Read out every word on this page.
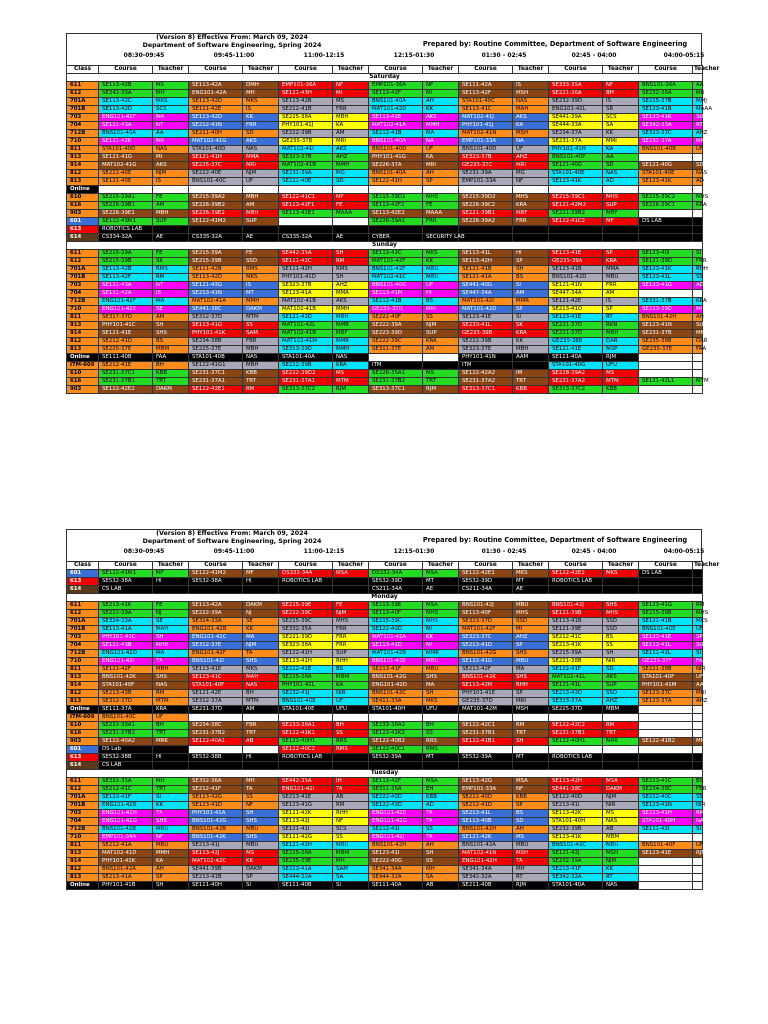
(Version 8) Effective From: March 09, 2024
Department of Software Engineering, Spring 2024	Prepared by: Routine Committee, Department of Software Engineering
08:30-09:45	09:45-11:00	11:00-12:15	12:15-01:30	01:30 - 02:45	02:45 - 04:00	04:00-05:15
Class	Course	Teacher	Course	Teacher	Course	Teacher	Course	Teacher	Course	Teacher	Course	Teacher	Course	Teacher	
Saturday															
611	SE113-42B	MS	SE113-42A	DMH	EMP101-36A	NF	EMP101-36A	NF	SE111-42A	IS	SE333-35A	NF	BNS101-36A	AA	
612	SE342-36A	MH	ENG101-42A	MH	SE121-43H	MI	SE113-42F	MI	SE113-42F	MSH	SE221-36A	BH	SE232-36A	MR	
701A	SE113-42C	MKS	SE113-42D	MKS	SE113-42B	MS	BNS101-40A	AH	STA101-40C	NAS	SE232-39D	IS	SE225-37B	MMJ	
701B	SE113-42D	SCS	SE111-42E	IS	SE212-41B	FRR	MAT101-42D	KK	SE113-41C	MAH	ENG101-42L	SR	SE123-41B	MAAA	
703	ENG101-42F	MA	SE113-42D	KK	SE225-38A	MBH	SE113-42E	AKS	MAT102-41J	AKS	SE441-39A	SCS	SE123-41K	SUP	
704	SE121-43A	NT	SE212-41N	FRR	PHY101-41J	KA	MAT102-41A	MMH	PHY101-41J	KA	SE444-33A	SA	SE342-33A	RT	
712B	BNS101-40A	AA	SE211-40H	SD	SE222-39B	AM	SE212-41B	MA	MAT102-41N	MSH	SE234-37A	KK	SE323-37C	AHZ	
710	SE121-42K	MR	MAT102-41G	AKS	GE235-37B	MRI	BNS101-40A	NA	EMP101-33A	NA	SE231-37A	MMI	SE231-37A	MMH	
811	STA101-40D	NAS	STA101-40D	NAS	MAT102-41I	AKS	BNS101-40D	UF	BNS101-40D	UF	PHY101-41H	KA	BNS101-40B	UF	
913	SE121-41G	MI	SE121-41H	MMA	SE323-37B	AHZ	PHY101-41G	KA	SE323-37B	AHZ	BNS101-40F	AA			
914	MAT102-41G	AKS	SE225-37C	MRI	MAT102-41B	MMH	SE226-37A	MRI	GE235-37C	MRI	SE121-40G	SD	SE121-40G	SD	
812	SE222-40E	NJM	SE222-40E	NJM	SE231-39A	MG	BNS101-40A	AH	SE231-39A	MG	STA101-40E	NAS	STA101-40E	NAS	
813	SE121-40E	IS	BNS101-40C	UF	SE211-40E	SD	SE122-41H	SP	EMP101-33A	NF	SE123-41K	AD	SE123-41K	AD	
Online															
610	SE215-39A1	FE	SE215-39A2	MBH	SE122-41C1	MF	SE215-39D1	MHS	SE215-39D2	MHS	SE215-39C1	MHS	SE215-39C2	MHS	
616	SE226-39B1	AM	SE226-39B2	AM	SE113-42F1	FE	SE113-42F2	FE	SE226-39C2	KRA	SE121-42M2	SUP	SE226-39C1	KRA	
903	SE226-39E1	MBH	SE226-39E2	MBH	SE113-42E1	MAAA	SE113-42E2	MAAA	SE221-39B1	MBF	SE221-39B2	MBF			
601	SE122-43M1	SUP	SE122-41M2	SUP			SE226-39A1	FRR	SE226-39A2	FRR	SE122-41C2	MF	DS LAB		
613	ROBOTICS LAB														
614	CS334-32A	AE	CS335-32A	AE	CS335-32A	AE	CYBER	SECURITY LAB							
Sunday															
611	SE215-39A	FE	SE215-39A	FE	SE442-35A	SH	SE113-42C	MKS	SE113-41L	HI	SE123-41E	SP	SE123-40I	SI	
612	SE215-39B	SK	SE215-39B	SSD	SE111-42C	RM	MAT101-42F	KK	SE113-42H	SP	GE235-39A	KRA	SE121-39D	FRR	
701A	SE113-42B	RMS	SE111-42B	RMS	SE111-42H	RMS	BNS101-42F	MBU	SE121-41B	SH	SE123-41B	MMA	SE123-41K	RHH	
701B	SE113-42F	RM	SE113-42D	MKS	PHY101-41D	SH	MAT102-41C	MBU	SE121-41A	BS	BNS101-42D	MBU	SE123-41L	SS	
703	SE121-43A	NT	SE121-43G	IS	SE323-37B	AHZ	BNS101-40G	UF	SE441-40G	SI	SE121-41N	FRR	SE123-41G	AD	
704	SE111-42A	IS	SE213-41N	MT	SE123-41A	MMA	SE213-41M	HI	SE447-34A	AM	SE447-34A	AM			
712B	ENG101-42F	MA	MAT102-41A	MMH	MAT102-41B	AKS	SE212-41B	BS	MAT101-42I	MMR	SE121-42E	IS	SE331-37B	KRA	
710	ENG101-42E	SE	SE441-38C	DAKM	MAT102-41B	MMH	GE235-37D	MRI	MAT101-42D	SP	SE213-41O	SP	SE213-39D	MI	
811	SE317-37D	AM	SE312-37D	MTM	SE121-41D	MBH	SE222-40F	SS	SE123-41E	SI	SE123-41E	RT	BNS101-42H	AH	
913	PHY101-41C	SH	SE113-41G	SS	MAT101-42L	MMR	SE222-39A	NJM	SE233-41L	SK	SE231-37D	RKN	SE123-41N	SUP	
914	SE121-41E	SHS	PHY101-41K	SAM	MAT102-41B	MBF	SE223-39D	SUP	GE235-39B	KRA	SE221-37D	MBH	SE231-37B	MMR	
812	SE212-41D	BS	SE234-38B	FBR	MAT102-41M	MMR	SE222-39C	KRA	SE222-39B	KK	GE235-38B	DAR	SE235-38B	DAR	
813	SE225-37E	MBM	SE225-37E	MBH	SE313-39D	MMH	SE311-37E	AM	SE323-37E	MBH	SE121-41E	MSP	GE235-37E	FAA	
Online	SE111-40B	FAA	STA101-40B	NAS	STA101-40A	NAS			PHY101-41N	AAM	SE111-40A	RJM			
ITM-609	SE212-41E	BH	SE122-41G1	MBH	SE222-39B	KRA	ITM		ITM		STA101-40G	UFU			
610	SE231-37C1	KBB	SE231-37C1	KBB	SE222-39D2	MS	SE226-36A1	MS	SE122-42A2	IM	SE228-39A2	MS			
616	SE231-37B1	TRT	SE231-37A1	TRT	SE231-37A1	MTM	SE231-37B2	TRT	SE231-37A2	TRT	SE231-37A2	MTM	SE121-42L1	MTM	
903	SE122-42E2	DAKM	SE122-42E1	RM	SE313-37C2	RJM	SE313-37C1	RJM	SE313-37C1	KBB	SE313-37C2	KBB			
(Version 8) Effective From: March 09, 2024
Department of Software Engineering, Spring 2024	Prepared by: Routine Committee, Department of Software Engineering
08:30-09:45	09:45-11:00	11:00-12:15	12:15-01:30	01:30 - 02:45	02:45 - 04:00	04:00-05:15
Class	Course	Teacher	Course	Teacher	Course	Teacher	Course	Teacher	Course	Teacher	Course	Teacher	Course	Teacher	
601	SE122-41M1	MF	SE122-41M2	MF	DS332-34A	MSA	DS332-34A	MSA	SE122-42E1	MKS	SE122-42E2	MKS	DS LAB		
613	SE532-38A	HI	SE532-38A	HI	ROBOTICS LAB		SE532-39D	MT	SE532-39D	MT	ROBOTICS LAB				
614	CS LAB						CS211-34A	AE	CS211-34A	AE					
Monday															
611	SE213-41K	FE	SE113-42A	DAKM	SE215-39E	FE	SE213-39E	MSA	BNS101-42J	MBU	BNS101-42J	SHS	SE123-41G	RM	
612	SE222-39A	NJ	SE222-39A	NJ	SE222-39C	NJM	SE113-40F	MHS	SE113-40F	MHS	SE121-39B	MHS	SE215-39B	MHS	
701A	SE324-33A	SE	SE324-33A	SE	SE215-39C	MHS	SE215-39C	MHS	SE323-37D	SSD	SE113-41B	SSD	SE121-41B	MKS	
701B	SE113-41A	MAH	ENG101-42B	KK	SE332-35A	FRR	SE122-40D	MI	MAT101-42F	MI	SE121-39E	SSD	BNS101-40E	UF	
703	PHY101-41C	SH	ENG101-42C	MA	SE221-39D	FRR	MAT101-42A	KK	SE323-37C	AHZ	SE212-41C	BS	SE123-41E	SP	
704	SE121-43B	MHB	SE312-37E	NJM	SE323-38A	FRR	SE113-41D	MI	SE213-41D	SP	SE213-41K	SS	SE113-41L	SUP	
712B	ENG101-42D	MA	ENG101-42F	TA	SE122-41H	SUP	MAT101-42B	MMR	BNS101-42G	SHS	SE215-39A	SH	SE111-42L	SI	
710	ENG101-42I	TA	BNS101-42I	SHS	SE123-41H	RHH	BNS101-42E	MBU	SE122-41G	MBU	SE221-38B	NIR	GE235-37F	FAA	
811	SE121-42F	MBH	SE113-41E	MKS	SE212-41E	BS	SE213-41F	MBU	SE213-42F	MA	SE122-41F	SD	SE221-38B	NIR	
913	BNS101-42K	SHS	SE123-41C	MAH	SE225-38A	MBM	BNS101-42G	SHS	BNS101-42K	SHS	MAT102-41L	AKS	STA101-40F	UFU	
914	STA101-40F	NAS	STA101-40F	NAS	PHY101-41L	KA	ENG101-42D	MA	SE113-42M	RHH	SE121-41L	SUP	PHY101-41M	AAM	
812	SE213-43B	RM	SE121-42E	BH	SE232-41J	NIR	BNS101-42C	SH	PHY101-41E	SP	SE213-42D	SSD	SE123-37C	MRI	
813	SE312-37D	MTM	SE312-37A	MTM	BNS101-40E	UF	SE411-33A	MKS	GE235-37D	MRI	SE323-37A	AHZ	SE123-37A	AHZ	
Online	SE111-37A	KRA	SE231-37D	AM	STA101-40E	UFU	STA101-40H	UFU	MAT101-42M	MSH	SE225-37D	MBM			
ITM-609	BNS101-40C	UF													
610	SE232-38A1	BH	SE234-38C	FBR	SE233-38A1	BH	SE233-38A2	BH	SE122-42C1	RM	SE122-42C2	RM			
616	SE231-37B2	TRT	SE231-37B2	TRT	SE122-41K1	SS	SE122-41K2	SS	SE231-37B1	TRT	SE231-37B1	TRT			
903	SE122-40A2	MRK	SE122-40A1	AB	SE122-40H1	RRS	SE122-40B2	RRS	SE122-41B1	SH	SE122-40H1	MRK	SE122-41B2	MMA	
601	DS Lab				SE122-40C2	RMS	SE122-40C1	RMS							
613	SE532-38B	HI	SE532-38B	HI	ROBOTICS LAB		SE532-39A	MT	SE532-39A	MT	ROBOTICS LAB				
614	CS LAB														
Tuesday															
611	SE332-35A	MH	SE332-36A	MH	SE442-35A	IH	SE113-42F	MSA	SE113-42G	MSA	SE113-42H	MSA	SE213-41C	BS	
612	SE212-41C	TRT	SE212-41F	TA	ENG101-42I	TA	SE311-36A	EH	EMP101-33A	NF	SE441-38C	DAKM	SE234-38C	FBR	
701A	SE123-41F	SI	SE113-42G	SS	SE213-41E	AB	SE222-40D	KBB	SE222-40D	KBB	SE122-40D	NJM	SE222-40C	SS	
701B	ENG101-42B	KK	SE123-41D	NF	SE123-41G	RM	SE122-43D	AD	SE212-41D	SP	SE213-41I	NIR	SE123-41N	NIR	
703	ENG101-42H	TA	PHY101-41A	SH	SE111-42K	RHH	ENG101-42E	TA	SE213-41L	BS	SE113-42K	MS	SE213-41H	RM	
704	ENG101-42G	SHS	BNS101-42G	SHS	SE113-42J	NF	ENG101-42G	TA	SE113-40B	SD	STA101-40H	NAS	STA101-40H	NAS	
712B	BNS101-42B	MBU	BNS101-42B	MBU	SE121-41I	SCS	SE212-41I	SS	BNS101-42H	AH	SE232-39B	AB	SE111-42I	SI	
710	EMP101-34A	NF	BNS101-42K	SHS	SE111-42G	SS	ENG101-42J	TA	SE121-42K	MS	SE123-41K	MBM			
811	SE212-41A	MBU	SE213-41J	MBU	SE121-42H	MBU	BNS101-42H	AH	BNS101-42A	MBU	BNS101-42C	MBU	BNS101-40F	UF	
913	MAT102-41D	MMH	SE113-42J	MS	SE225-38A	MBM	SE123-41I	SH	MAT102-41N	MSH	SE121-42J	MSH	SE123-41E	RJM	
914	PHY101-41K	KA	MAT102-42C	KK	SE235-39E	MH	SE222-40G	SS	ENG101-42H	TA	SE232-39A	NJM			
812	BNS101-42A	AH	SE441-39B	DAKM	SE213-41A	SAM	SE341-34A	MH	SE341-34A	MH	SE213-41F	KK			
813	SE213-41A	SP	SE213-41B	SP	SE444-32A	SA	SE444-32A	SA	SE342-32A	RT	SE342-32A	RT			
Online	PHY101-41B	SH	SE111-40H	SI	SE111-40B	SI	SE111-40A	AB	SE211-40B	RJM	STA101-40A	NAS			
